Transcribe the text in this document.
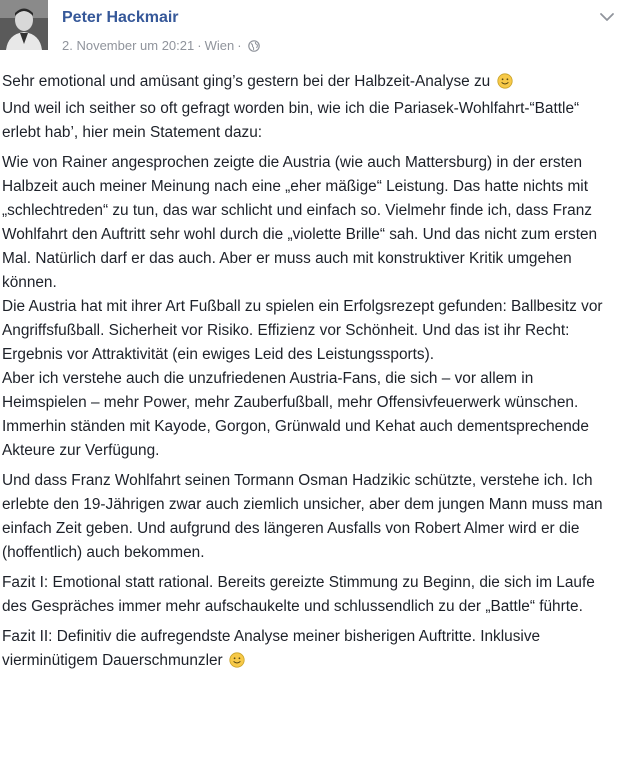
Peter Hackmair
2. November um 20:21 · Wien ·

Sehr emotional und amüsant ging’s gestern bei der Halbzeit-Analyse zu
Und weil ich seither so oft gefragt worden bin, wie ich die Pariasek-Wohlfahrt-“Battle“ erlebt hab’, hier mein Statement dazu:

Wie von Rainer angesprochen zeigte die Austria (wie auch Mattersburg) in der ersten Halbzeit auch meiner Meinung nach eine „eher mäßige“ Leistung. Das hatte nichts mit „schlechtreden“ zu tun, das war schlicht und einfach so. Vielmehr finde ich, dass Franz Wohlfahrt den Auftritt sehr wohl durch die „violette Brille“ sah. Und das nicht zum ersten Mal. Natürlich darf er das auch. Aber er muss auch mit konstruktiver Kritik umgehen können.

Die Austria hat mit ihrer Art Fußball zu spielen ein Erfolgsrezept gefunden: Ballbesitz vor Angriffsfußball. Sicherheit vor Risiko. Effizienz vor Schönheit. Und das ist ihr Recht: Ergebnis vor Attraktivität (ein ewiges Leid des Leistungssports).

Aber ich verstehe auch die unzufriedenen Austria-Fans, die sich – vor allem in Heimspielen – mehr Power, mehr Zauberfußball, mehr Offensivfeuerwerk wünschen. Immerhin ständen mit Kayode, Gorgon, Grünwald und Kehat auch dementsprechende Akteure zur Verfügung.

Und dass Franz Wohlfahrt seinen Tormann Osman Hadzikic schützte, verstehe ich. Ich erlebte den 19-Jährigen zwar auch ziemlich unsicher, aber dem jungen Mann muss man einfach Zeit geben. Und aufgrund des längeren Ausfalls von Robert Almer wird er die (hoffentlich) auch bekommen.

Fazit I: Emotional statt rational. Bereits gereizte Stimmung zu Beginn, die sich im Laufe des Gespräches immer mehr aufschaukelte und schlussendlich zu der „Battle“ führte.

Fazit II: Definitiv die aufregendste Analyse meiner bisherigen Auftritte. Inklusive vierminütigem Dauerschmunzler
